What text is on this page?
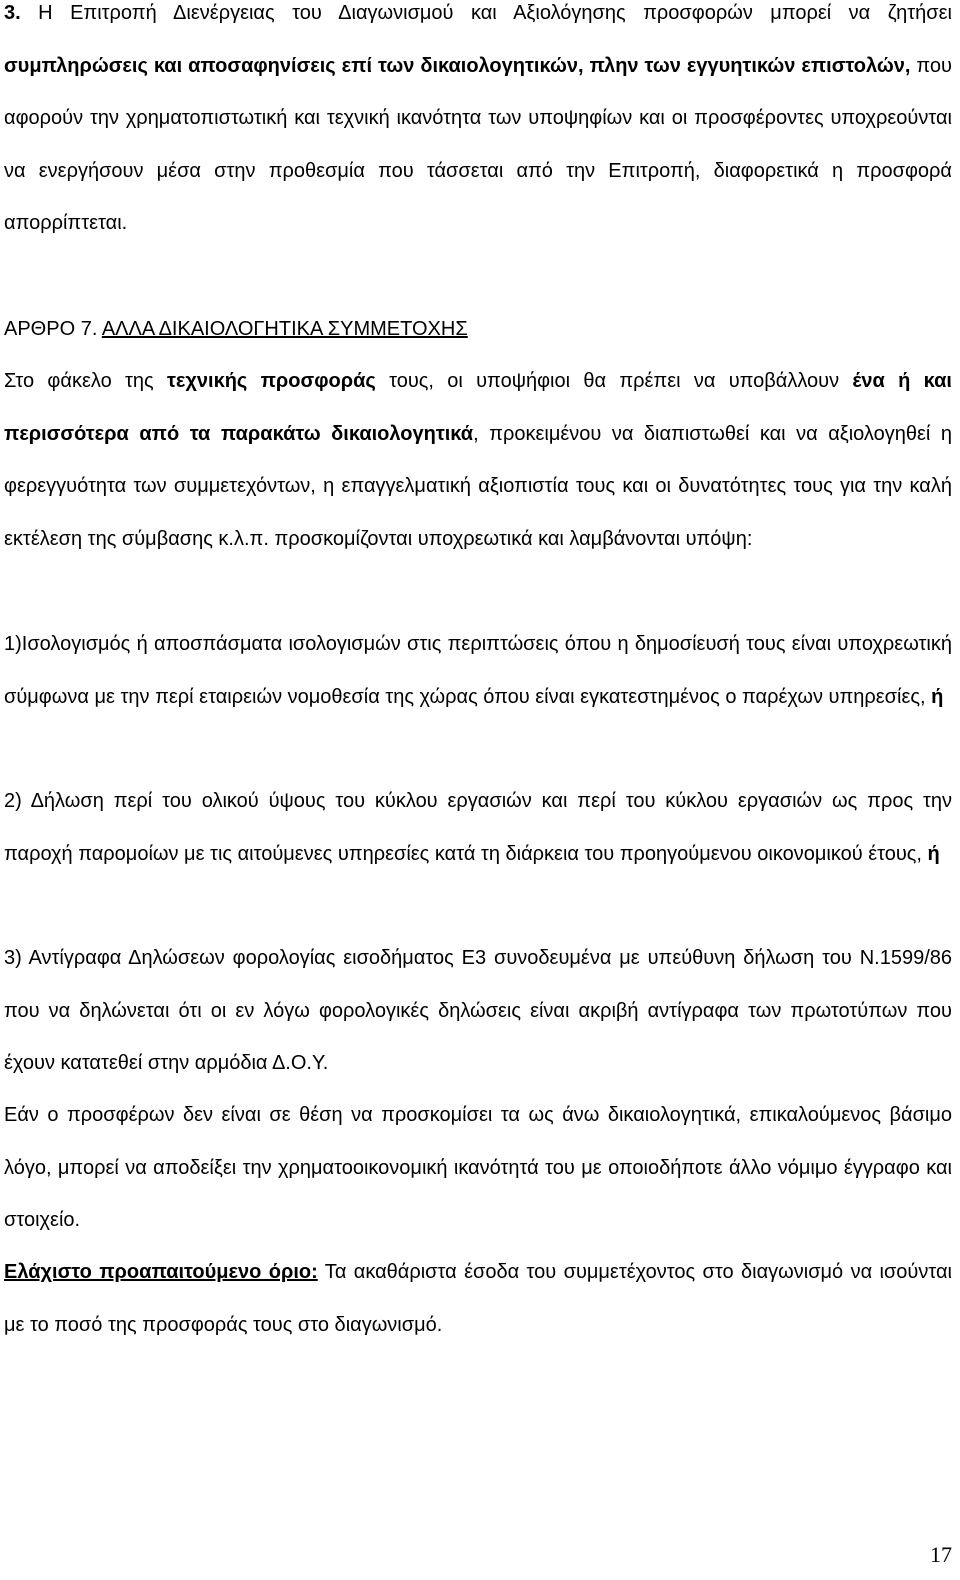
3. Η Επιτροπή Διενέργειας του Διαγωνισμού και Αξιολόγησης προσφορών μπορεί να ζητήσει συμπληρώσεις και αποσαφηνίσεις επί των δικαιολογητικών, πλην των εγγυητικών επιστολών, που αφορούν την χρηματοπιστωτική και τεχνική ικανότητα των υποψηφίων και οι προσφέροντες υποχρεούνται να ενεργήσουν μέσα στην προθεσμία που τάσσεται από την Επιτροπή, διαφορετικά η προσφορά απορρίπτεται.

ΑΡΘΡΟ 7. ΑΛΛΑ ΔΙΚΑΙΟΛΟΓΗΤΙΚΑ ΣΥΜΜΕΤΟΧΗΣ

Στο φάκελο της τεχνικής προσφοράς τους, οι υποψήφιοι θα πρέπει να υποβάλλουν ένα ή και περισσότερα από τα παρακάτω δικαιολογητικά, προκειμένου να διαπιστωθεί και να αξιολογηθεί η φερεγγυότητα των συμμετεχόντων, η επαγγελματική αξιοπιστία τους και οι δυνατότητες τους για την καλή εκτέλεση της σύμβασης κ.λ.π. προσκομίζονται υποχρεωτικά και λαμβάνονται υπόψη:

1)Ισολογισμός ή αποσπάσματα ισολογισμών στις περιπτώσεις όπου η δημοσίευσή τους είναι υποχρεωτική σύμφωνα με την περί εταιρειών νομοθεσία της χώρας όπου είναι εγκατεστημένος ο παρέχων υπηρεσίες, ή

2) Δήλωση περί του ολικού ύψους του κύκλου εργασιών και περί του κύκλου εργασιών ως προς την παροχή παρομοίων με τις αιτούμενες υπηρεσίες κατά τη διάρκεια του προηγούμενου οικονομικού έτους, ή

3) Αντίγραφα Δηλώσεων φορολογίας εισοδήματος Ε3 συνοδευμένα με υπεύθυνη δήλωση του Ν.1599/86 που να δηλώνεται ότι οι εν λόγω φορολογικές δηλώσεις είναι ακριβή αντίγραφα των πρωτοτύπων που έχουν κατατεθεί στην αρμόδια Δ.Ο.Υ.

Εάν ο προσφέρων δεν είναι σε θέση να προσκομίσει τα ως άνω δικαιολογητικά, επικαλούμενος βάσιμο λόγο, μπορεί να αποδείξει την χρηματοοικονομική ικανότητά του με οποιοδήποτε άλλο νόμιμο έγγραφο και στοιχείο.

Ελάχιστο προαπαιτούμενο όριο: Τα ακαθάριστα έσοδα του συμμετέχοντος στο διαγωνισμό να ισούνται με το ποσό της προσφοράς τους στο διαγωνισμό.

17
